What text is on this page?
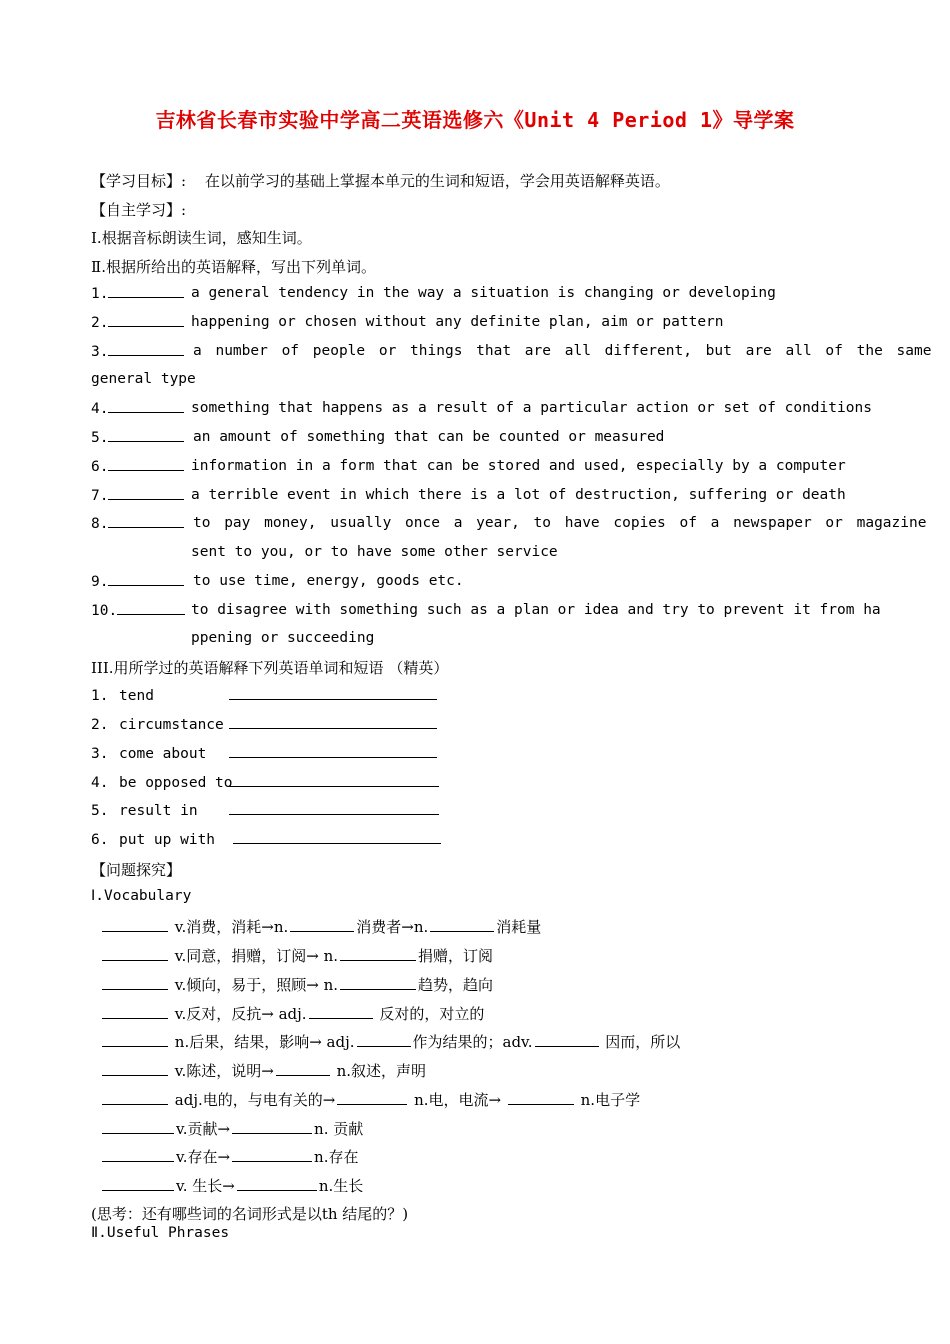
吉林省长春市实验中学高二英语选修六《Unit 4 Period 1》导学案
【学习目标】: 在以前学习的基础上掌握本单元的生词和短语，学会用英语解释英语。
【自主学习】:
Ⅰ.根据音标朗读生词，感知生词。
Ⅱ.根据所给出的英语解释，写出下列单词。
1.	a general tendency in the way a situation is changing or developing
2.	happening or chosen without any definite plan, aim or pattern
3.	a number of people or things that are all different, but are all of the same
general type
4.	something that happens as a result of a particular action or set of conditions
5.	an amount of something that can be counted or measured
6.	information in a form that can be stored and used, especially by a computer
7.	a terrible event in which there is a lot of destruction, suffering or death
8.	to pay money, usually once a year, to have copies of a newspaper or magazine
sent to you, or to have some other service
9.	to use time, energy, goods etc.
10.	to disagree with something such as a plan or idea and try to prevent it from ha
ppening or succeeding
III.用所学过的英语解释下列英语单词和短语 （精英）
1. tend
2. circumstance
3. come about
4. be opposed to
5. result in
6. put up with
【问题探究】
Ⅰ.Vocabulary
v.消费，消耗→n.	消费者→n.	消耗量
v.同意，捐赠，订阅→ n.	捐赠，订阅
v.倾向，易于，照顾→ n.	趋势，趋向
v.反对，反抗→ adj.	反对的，对立的
n.后果，结果，影响→ adj.	作为结果的；adv.	因而，所以
v.陈述，说明→	n.叙述，声明
adj.电的，与电有关的→	n.电，电流→	n.电子学
v.贡献→	n. 贡献
v.存在→	n.存在
v. 生长→	n.生长
(思考：还有哪些词的名词形式是以th 结尾的？)
Ⅱ.Useful Phrases
